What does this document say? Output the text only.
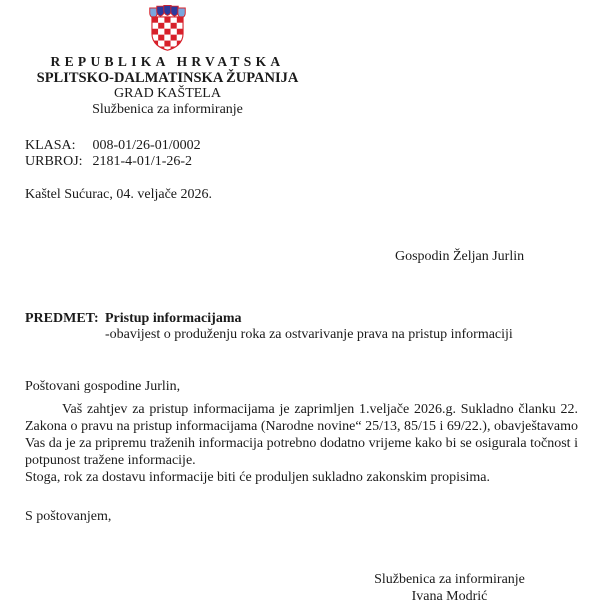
REPUBLIKA HRVATSKA
SPLITSKO-DALMATINSKA ŽUPANIJA
GRAD KAŠTELA
Službenica za informiranje
KLASA: 008-01/26-01/0002
URBROJ: 2181-4-01/1-26-2
Kaštel Sućurac, 04. veljače 2026.
Gospodin Željan Jurlin
PREDMET: Pristup informacijama
-obavijest o produženju roka za ostvarivanje prava na pristup informaciji
Poštovani gospodine Jurlin,
Vaš zahtjev za pristup informacijama je zaprimljen 1.veljače 2026.g. Sukladno članku 22. Zakona o pravu na pristup informacijama (Narodne novine“ 25/13, 85/15 i 69/22.), obavještavamo Vas da je za pripremu traženih informacija potrebno dodatno vrijeme kako bi se osigurala točnost i potpunost tražene informacije.
Stoga, rok za dostavu informacije biti će produljen sukladno zakonskim propisima.
S poštovanjem,
Službenica za informiranje
Ivana Modrić
